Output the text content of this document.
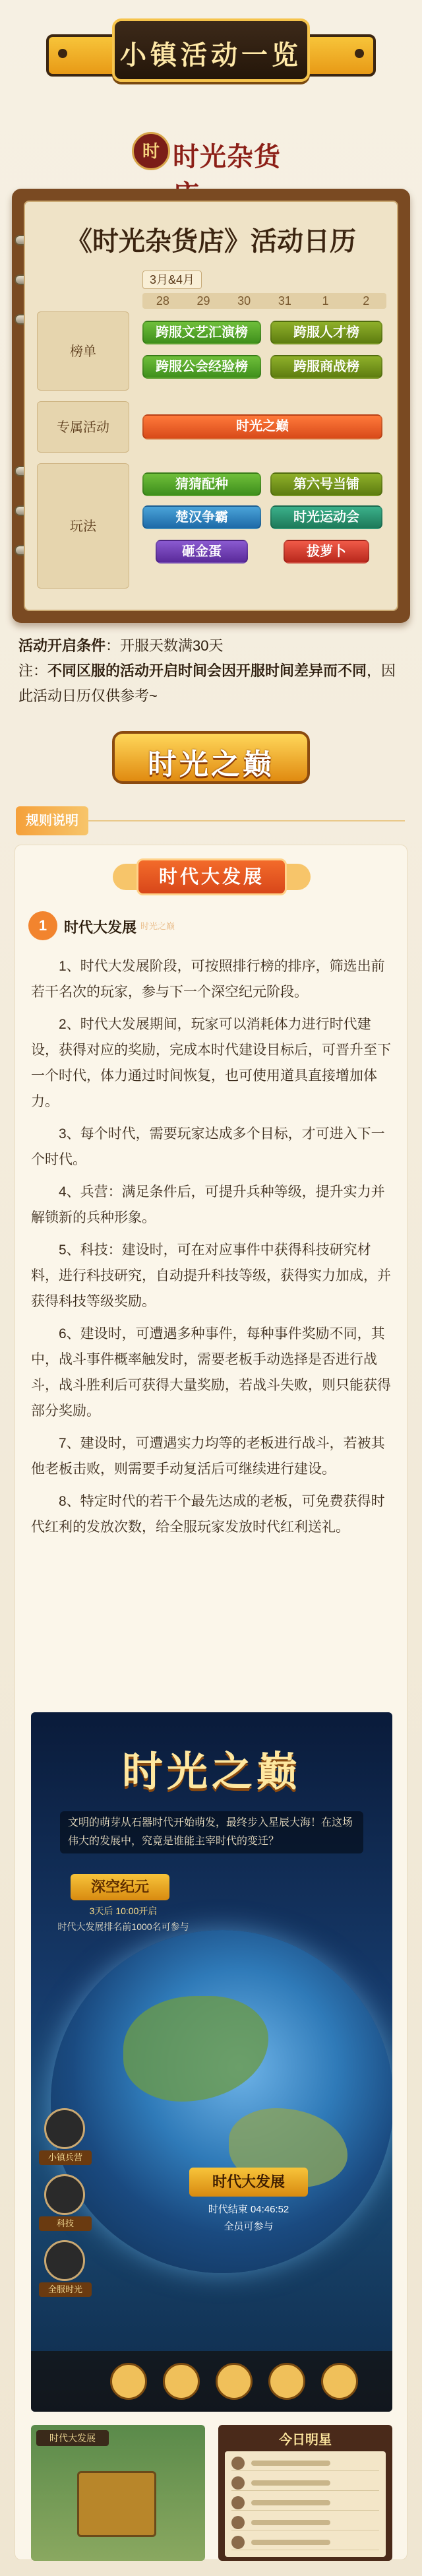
小镇活动一览
时 时光杂货
《时光杂货店》活动日历
3月&4月
28	29	30	31	1	2
榜单
专属活动
玩法
跨服文艺汇演榜	跨服人才榜
跨服公会经验榜	跨服商战榜
时光之巅
猜猜配种	第六号当铺
楚汉争霸	时光运动会
砸金蛋	拔萝卜
活动开启条件：开服天数满30天
注：不同区服的活动开启时间会因开服时间差异而不同，因此活动日历仅供参考~
时光之巅
规则说明
时代大发展
1	时代大发展 时光之巅

1、时代大发展阶段，可按照排行榜的排序，筛选出前若干名次的玩家，参与下一个深空纪元阶段。

2、时代大发展期间，玩家可以消耗体力进行时代建设，获得对应的奖励，完成本时代建设目标后，可晋升至下一个时代，体力通过时间恢复，也可使用道具直接增加体力。

3、每个时代，需要玩家达成多个目标，才可进入下一个时代。

4、兵营：满足条件后，可提升兵种等级，提升实力并解锁新的兵种形象。

5、科技：建设时，可在对应事件中获得科技研究材料，进行科技研究，自动提升科技等级，获得实力加成，并获得科技等级奖励。

6、建设时，可遭遇多种事件，每种事件奖励不同，其中，战斗事件概率触发时，需要老板手动选择是否进行战斗，战斗胜利后可获得大量奖励，若战斗失败，则只能获得部分奖励。

7、建设时，可遭遇实力均等的老板进行战斗，若被其他老板击败，则需要手动复活后可继续进行建设。

8、特定时代的若干个最先达成的老板，可免费获得时代红利的发放次数，给全服玩家发放时代红利送礼。

时光之巅
文明的萌芽从石器时代开始萌发，最终步入星辰大海！在这场伟大的发展中，究竟是谁能主宰时代的变迁？
深空纪元
3天后 10:00开启
时代大发展排名前1000名可参与
时代大发展
时代结束 04:46:52
全员可参与
小镇兵营
科技
全服时光
时代大发展	今日明星
